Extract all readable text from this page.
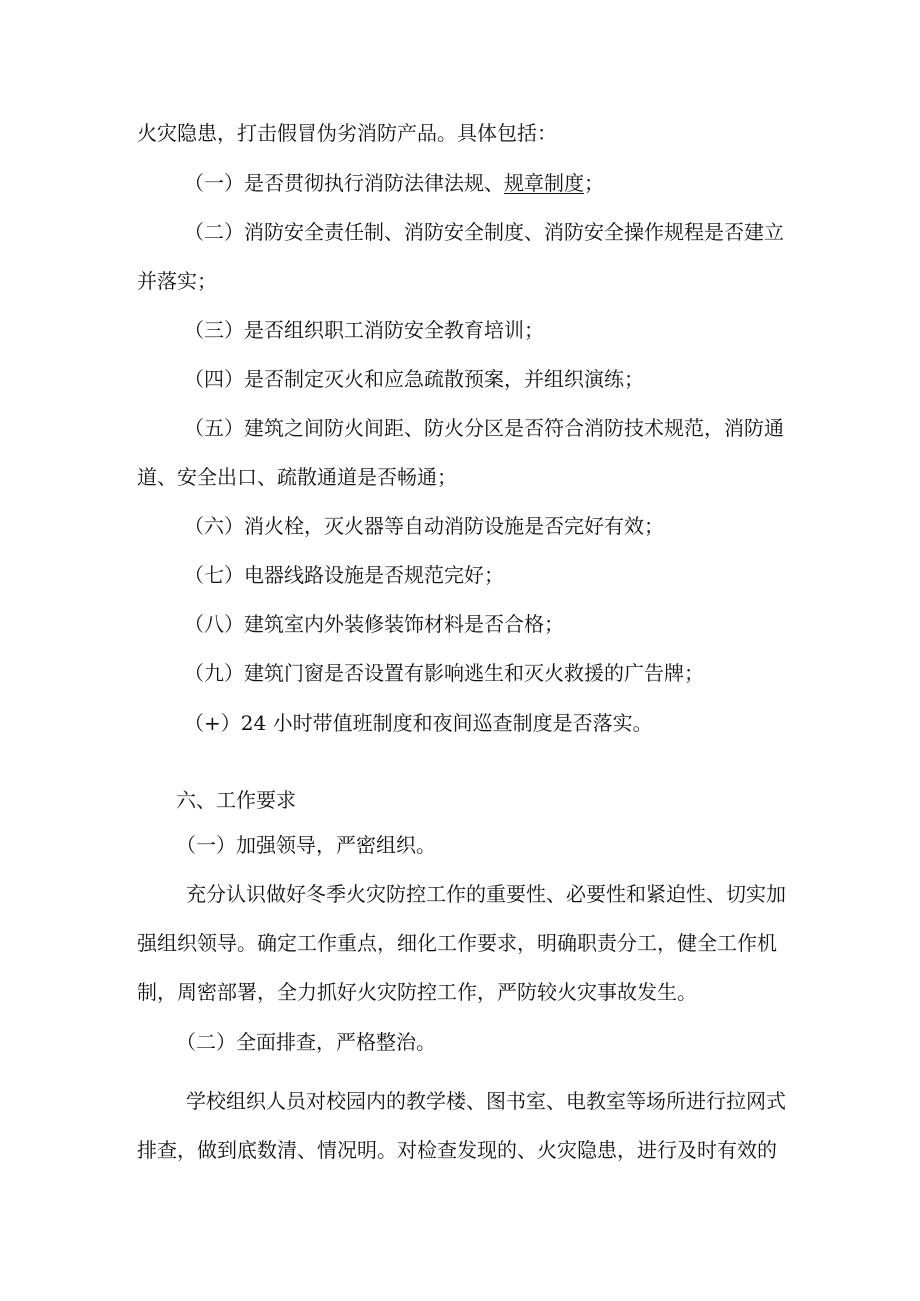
火灾隐患，打击假冒伪劣消防产品。具体包括：
（一）是否贯彻执行消防法律法规、规章制度；
（二）消防安全责任制、消防安全制度、消防安全操作规程是否建立
并落实；
（三）是否组织职工消防安全教育培训；
（四）是否制定灭火和应急疏散预案，并组织演练；
（五）建筑之间防火间距、防火分区是否符合消防技术规范，消防通
道、安全出口、疏散通道是否畅通；
（六）消火栓，灭火器等自动消防设施是否完好有效；
（七）电器线路设施是否规范完好；
（八）建筑室内外装修装饰材料是否合格；
（九）建筑门窗是否设置有影响逃生和灭火救援的广告牌；
（+）24 小时带值班制度和夜间巡查制度是否落实。
六、工作要求
（一）加强领导，严密组织。
充分认识做好冬季火灾防控工作的重要性、必要性和紧迫性、切实加
强组织领导。确定工作重点，细化工作要求，明确职责分工，健全工作机
制，周密部署，全力抓好火灾防控工作，严防较火灾事故发生。
（二）全面排查，严格整治。
学校组织人员对校园内的教学楼、图书室、电教室等场所进行拉网式
排查，做到底数清、情况明。对检查发现的、火灾隐患，进行及时有效的
